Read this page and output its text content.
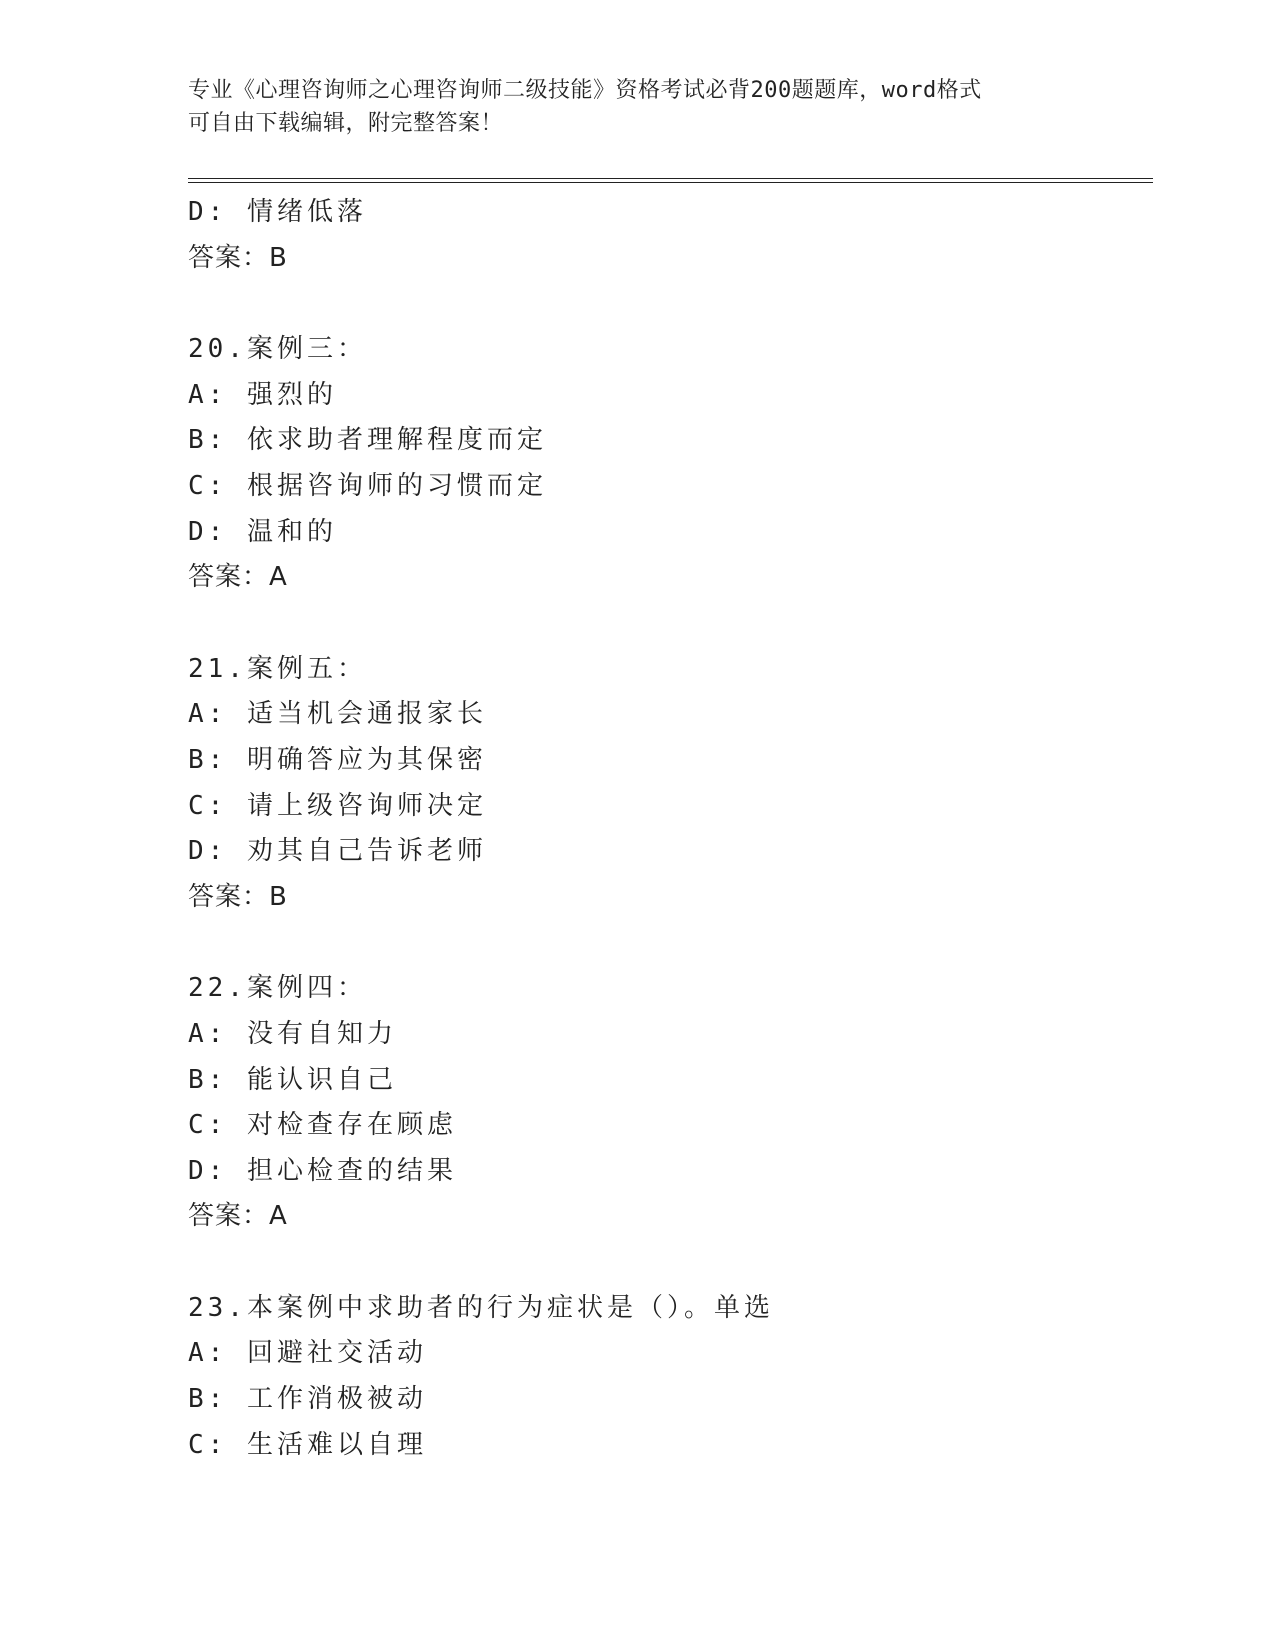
专业《心理咨询师之心理咨询师二级技能》资格考试必背200题题库，word格式
可自由下载编辑，附完整答案！
D: 情绪低落
答案：B
20.案例三：
A: 强烈的
B: 依求助者理解程度而定
C: 根据咨询师的习惯而定
D: 温和的
答案：A
21.案例五：
A: 适当机会通报家长
B: 明确答应为其保密
C: 请上级咨询师决定
D: 劝其自己告诉老师
答案：B
22.案例四：
A: 没有自知力
B: 能认识自己
C: 对检查存在顾虑
D: 担心检查的结果
答案：A
23.本案例中求助者的行为症状是（）。单选
A: 回避社交活动
B: 工作消极被动
C: 生活难以自理
